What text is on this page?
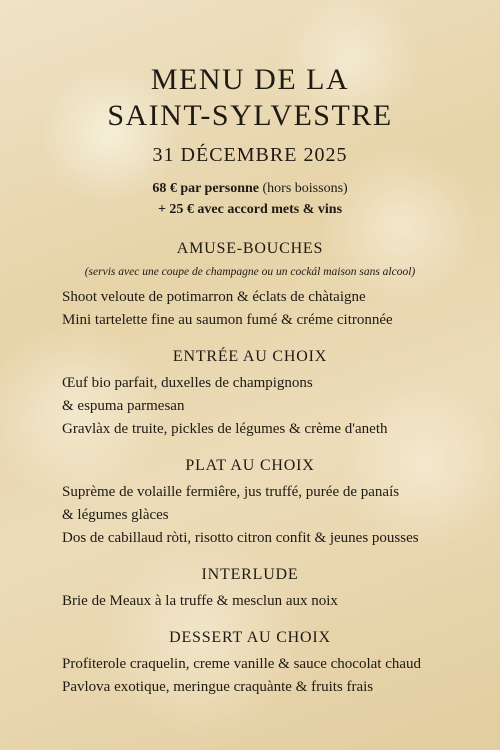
MENU DE LA
SAINT-SYLVESTRE
31 DÉCEMBRE 2025
68 € par personne (hors boissons)
+ 25 € avec accord mets & vins
AMUSE-BOUCHES
(servis avec une coupe de champagne ou un cockál maison sans alcool)
Shoot veloute de potimarron & éclats de chàtaigne
Mini tartelette fine au saumon fumé & créme citronnée
ENTRÉE AU CHOIX
Œuf bio parfait, duxelles de champignons
& espuma parmesan
Gravlàx de truite, pickles de légumes & crème d'aneth
PLAT AU CHOIX
Suprème de volaille fermiêre, jus truffé, purée de panaís
& légumes glàces
Dos de cabillaud ròti, risotto citron confit & jeunes pousses
INTERLUDE
Brie de Meaux à la truffe & mesclun aux noix
DESSERT AU CHOIX
Profiterole craquelin, creme vanille & sauce chocolat chaud
Pavlova exotique, meringue craquànte & fruits frais
